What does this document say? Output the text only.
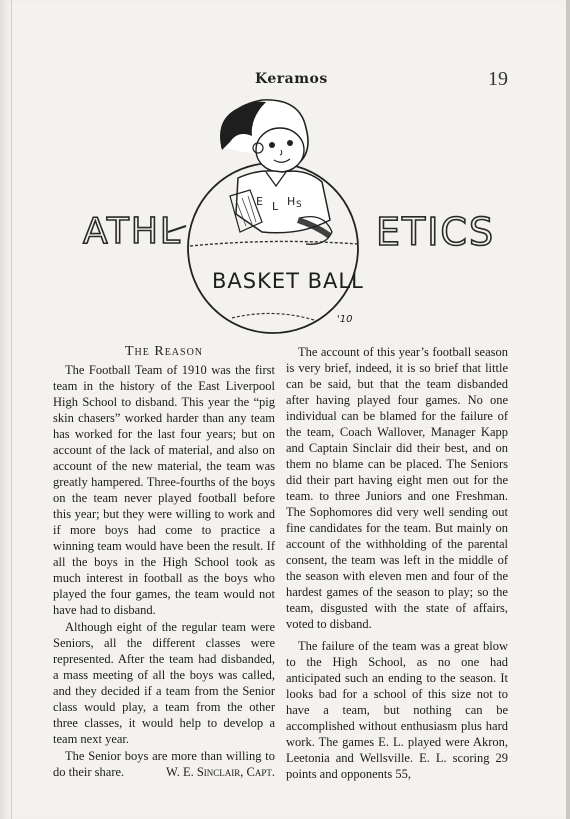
Keramos	19
ATHL	ETICS
E L H S
BASKET BALL
'10
The Reason

The Football Team of 1910 was the first team in the history of the East Liverpool High School to disband. This year the “pig skin chasers” worked harder than any team has worked for the last four years; but on account of the lack of material, and also on account of the new material, the team was greatly hampered. Three-fourths of the boys on the team never played football before this year; but they were willing to work and if more boys had come to practice a winning team would have been the result. If all the boys in the High School took as much interest in football as the boys who played the four games, the team would not have had to disband.

Although eight of the regular team were Seniors, all the different classes were represented. After the team had disbanded, a mass meeting of all the boys was called, and they decided if a team from the Senior class would play, a team from the other three classes, it would help to develop a team next year.

The Senior boys are more than willing to do their share.	W. E. Sinclair, Capt.

The account of this year’s football season is very brief, indeed, it is so brief that little can be said, but that the team disbanded after having played four games. No one individual can be blamed for the failure of the team, Coach Wallover, Manager Kapp and Captain Sinclair did their best, and on them no blame can be placed. The Seniors did their part having eight men out for the team. to three Juniors and one Freshman. The Sophomores did very well sending out fine candidates for the team. But mainly on account of the withholding of the parental consent, the team was left in the middle of the season with eleven men and four of the hardest games of the season to play; so the team, disgusted with the state of affairs, voted to disband.

The failure of the team was a great blow to the High School, as no one had anticipated such an ending to the season. It looks bad for a school of this size not to have a team, but nothing can be accomplished without enthusiasm plus hard work. The games E. L. played were Akron, Leetonia and Wellsville. E. L. scoring 29 points and opponents 55,
